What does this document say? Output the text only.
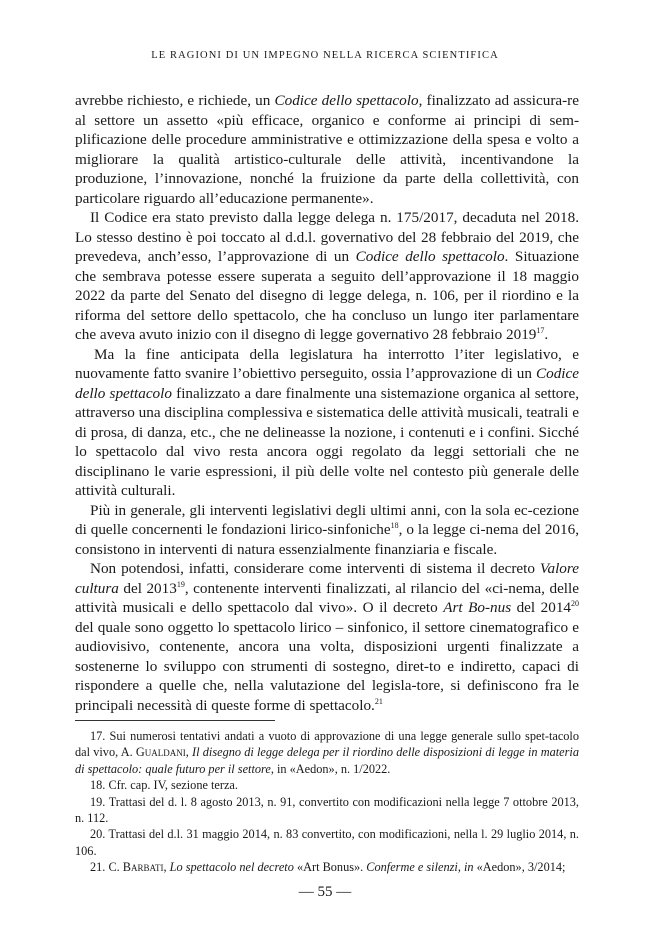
LE RAGIONI DI UN IMPEGNO NELLA RICERCA SCIENTIFICA

avrebbe richiesto, e richiede, un Codice dello spettacolo, finalizzato ad assicura-re al settore un assetto «più efficace, organico e conforme ai principi di sem-plificazione delle procedure amministrative e ottimizzazione della spesa e volto a migliorare la qualità artistico-culturale delle attività, incentivandone la produzione, l’innovazione, nonché la fruizione da parte della collettività, con particolare riguardo all’educazione permanente».

Il Codice era stato previsto dalla legge delega n. 175/2017, decaduta nel 2018. Lo stesso destino è poi toccato al d.d.l. governativo del 28 febbraio del 2019, che prevedeva, anch’esso, l’approvazione di un Codice dello spettacolo. Situazione che sembrava potesse essere superata a seguito dell’approvazione il 18 maggio 2022 da parte del Senato del disegno di legge delega, n. 106, per il riordino e la riforma del settore dello spettacolo, che ha concluso un lungo iter parlamentare che aveva avuto inizio con il disegno di legge governativo 28 febbraio 2019$^{17}$.

Ma la fine anticipata della legislatura ha interrotto l’iter legislativo, e nuovamente fatto svanire l’obiettivo perseguito, ossia l’approvazione di un Codice dello spettacolo finalizzato a dare finalmente una sistemazione organica al settore, attraverso una disciplina complessiva e sistematica delle attività musicali, teatrali e di prosa, di danza, etc., che ne delineasse la nozione, i contenuti e i confini. Sicché lo spettacolo dal vivo resta ancora oggi regolato da leggi settoriali che ne disciplinano le varie espressioni, il più delle volte nel contesto più generale delle attività culturali.

Più in generale, gli interventi legislativi degli ultimi anni, con la sola ec-cezione di quelle concernenti le fondazioni lirico-sinfoniche$^{18}$, o la legge ci-nema del 2016, consistono in interventi di natura essenzialmente finanziaria e fiscale.

Non potendosi, infatti, considerare come interventi di sistema il decreto Valore cultura del 2013$^{19}$, contenente interventi finalizzati, al rilancio del «ci-nema, delle attività musicali e dello spettacolo dal vivo». O il decreto Art Bo-nus del 2014$^{20}$ del quale sono oggetto lo spettacolo lirico – sinfonico, il settore cinematografico e audiovisivo, contenente, ancora una volta, disposizioni urgenti finalizzate a sostenerne lo sviluppo con strumenti di sostegno, diret-to e indiretto, capaci di rispondere a quelle che, nella valutazione del legisla-tore, si definiscono fra le principali necessità di queste forme di spettacolo.$^{21}$

17. Sui numerosi tentativi andati a vuoto di approvazione di una legge generale sullo spet-tacolo dal vivo, A. Gualdani, Il disegno di legge delega per il riordino delle disposizioni di legge in materia di spettacolo: quale futuro per il settore, in «Aedon», n. 1/2022.

18. Cfr. cap. IV, sezione terza.

19. Trattasi del d. l. 8 agosto 2013, n. 91, convertito con modificazioni nella legge 7 ottobre 2013, n. 112.

20. Trattasi del d.l. 31 maggio 2014, n. 83 convertito, con modificazioni, nella l. 29 luglio 2014, n. 106.

21. C. Barbati, Lo spettacolo nel decreto «Art Bonus». Conferme e silenzi, in «Aedon», 3/2014;

— 55 —
